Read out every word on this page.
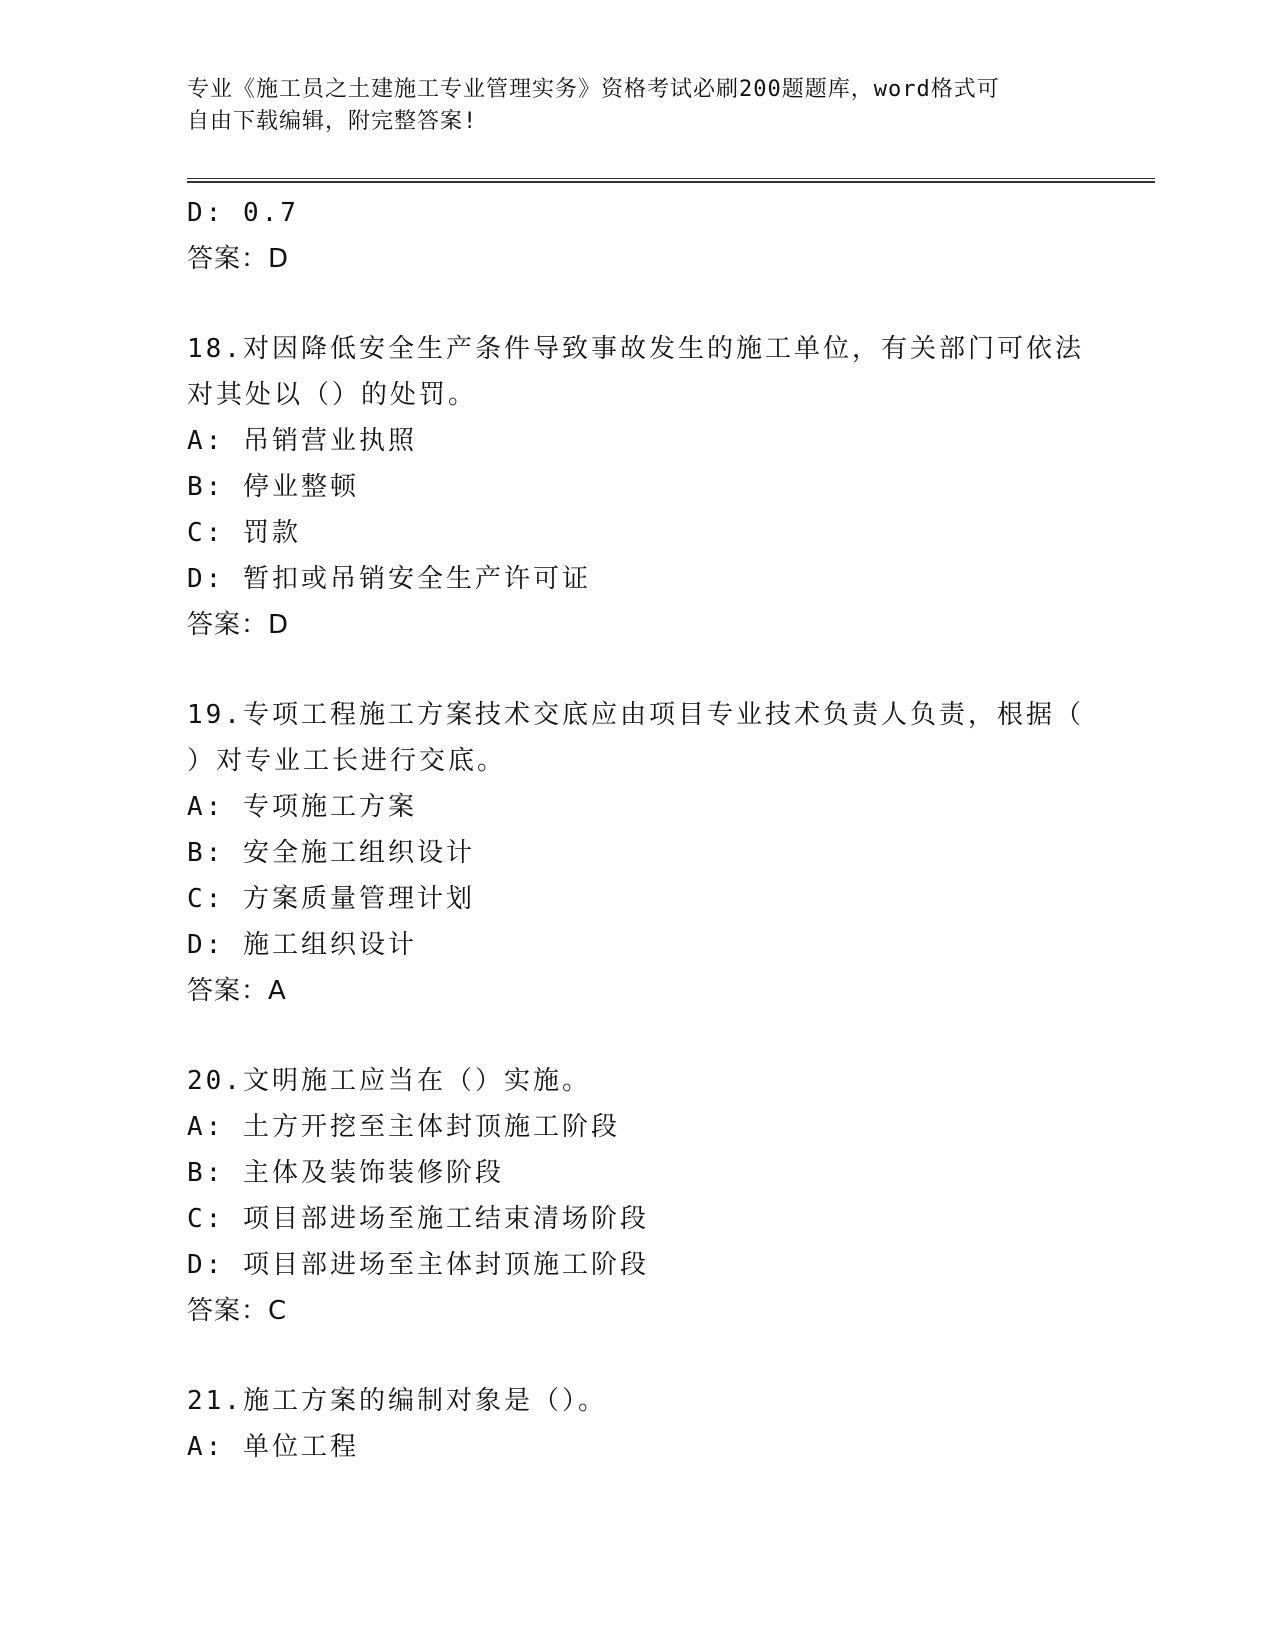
专业《施工员之土建施工专业管理实务》资格考试必刷200题题库，word格式可
自由下载编辑，附完整答案!
D: 0.7
答案：D
18.对因降低安全生产条件导致事故发生的施工单位，有关部门可依法
对其处以（）的处罚。
A: 吊销营业执照
B: 停业整顿
C: 罚款
D: 暂扣或吊销安全生产许可证
答案：D
19.专项工程施工方案技术交底应由项目专业技术负责人负责，根据（
）对专业工长进行交底。
A: 专项施工方案
B: 安全施工组织设计
C: 方案质量管理计划
D: 施工组织设计
答案：A
20.文明施工应当在（）实施。
A: 土方开挖至主体封顶施工阶段
B: 主体及装饰装修阶段
C: 项目部进场至施工结束清场阶段
D: 项目部进场至主体封顶施工阶段
答案：C
21.施工方案的编制对象是（）。
A: 单位工程
